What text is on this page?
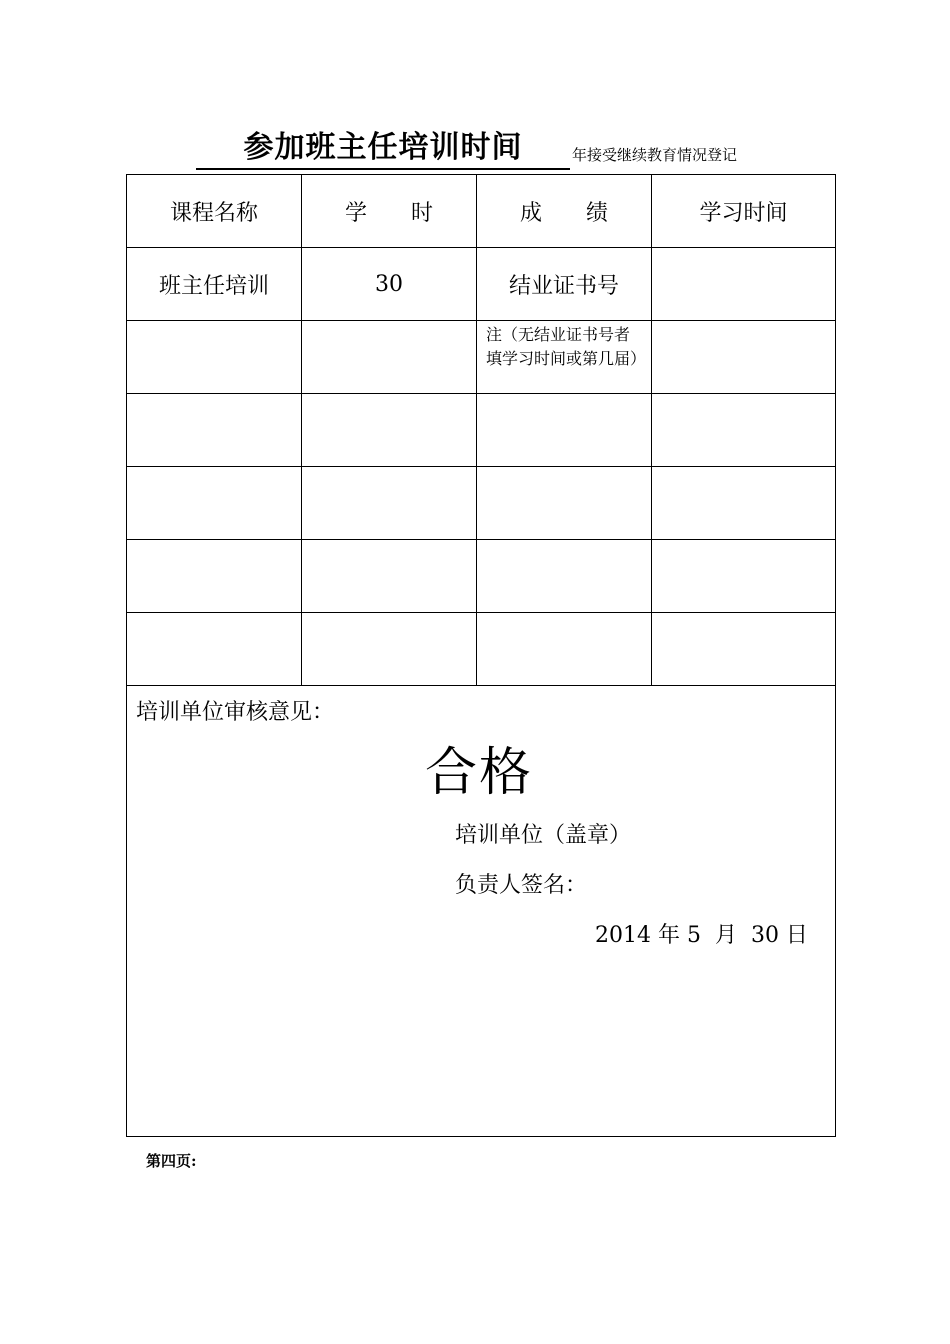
参加班主任培训时间	年接受继续教育情况登记
课程名称	学　　时	成　　绩	学习时间
班主任培训	30	结业证书号	
		注（无结业证书号者填学习时间或第几届）	

培训单位审核意见：
合格
培训单位（盖章）
负责人签名：
2014 年 5  月  30 日			
第四页:
